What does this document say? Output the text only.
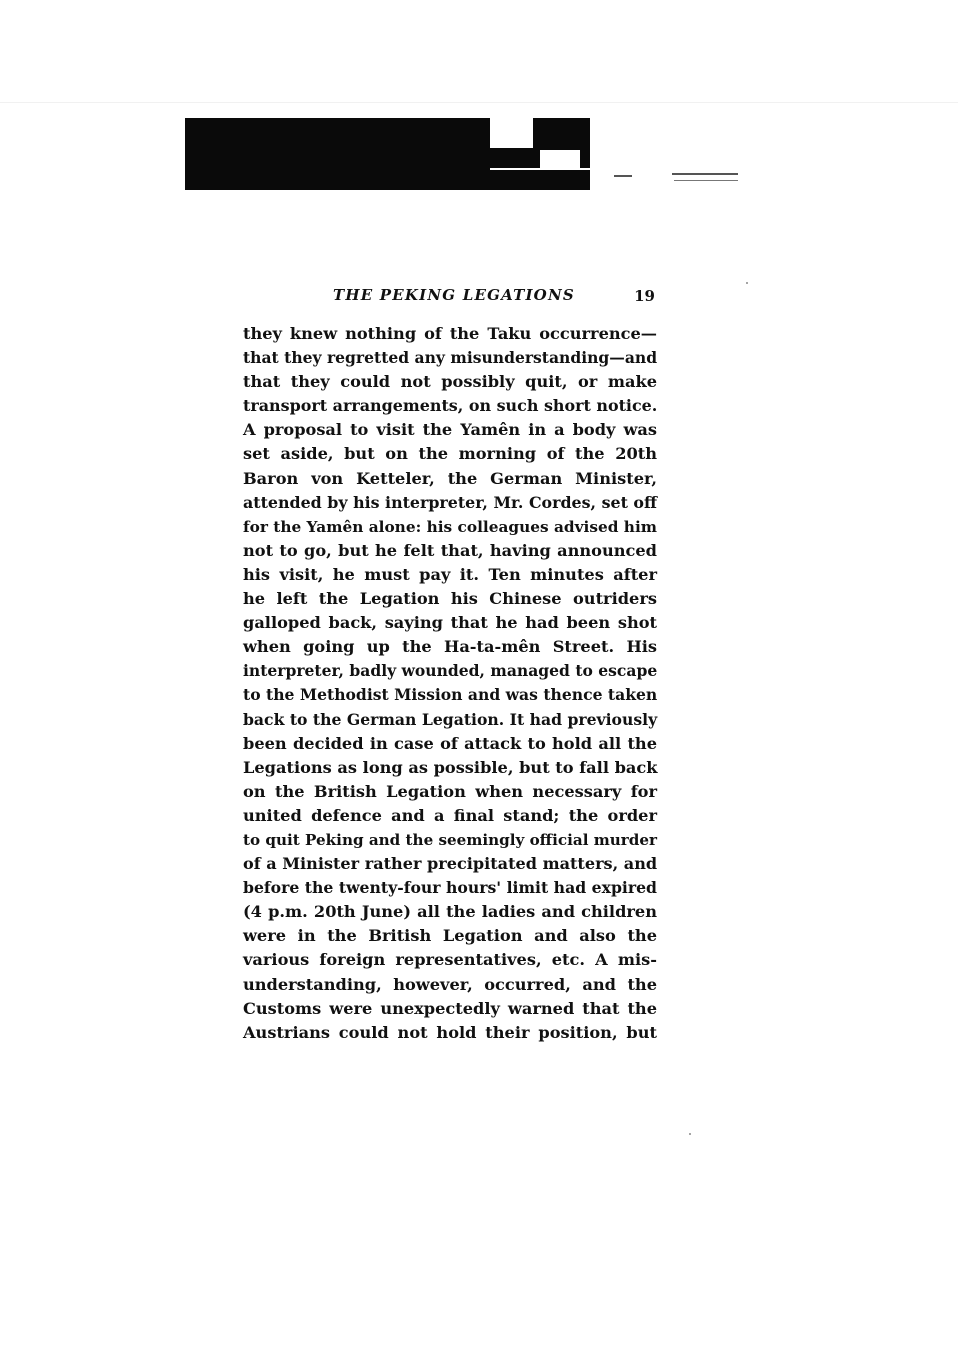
THE PEKING LEGATIONS	19
they knew nothing of the Taku occurrence—
that they regretted any misunderstanding—and
that they could not possibly quit, or make
transport arrangements, on such short notice.
A proposal to visit the Yamên in a body was
set aside, but on the morning of the 20th
Baron von Ketteler, the German Minister,
attended by his interpreter, Mr. Cordes, set off
for the Yamên alone: his colleagues advised him
not to go, but he felt that, having announced
his visit, he must pay it. Ten minutes after
he left the Legation his Chinese outriders
galloped back, saying that he had been shot
when going up the Ha-ta-mên Street. His
interpreter, badly wounded, managed to escape
to the Methodist Mission and was thence taken
back to the German Legation. It had previously
been decided in case of attack to hold all the
Legations as long as possible, but to fall back
on the British Legation when necessary for
united defence and a final stand; the order
to quit Peking and the seemingly official murder
of a Minister rather precipitated matters, and
before the twenty-four hours' limit had expired
(4 p.m. 20th June) all the ladies and children
were in the British Legation and also the
various foreign representatives, etc. A mis-
understanding, however, occurred, and the
Customs were unexpectedly warned that the
Austrians could not hold their position, but
